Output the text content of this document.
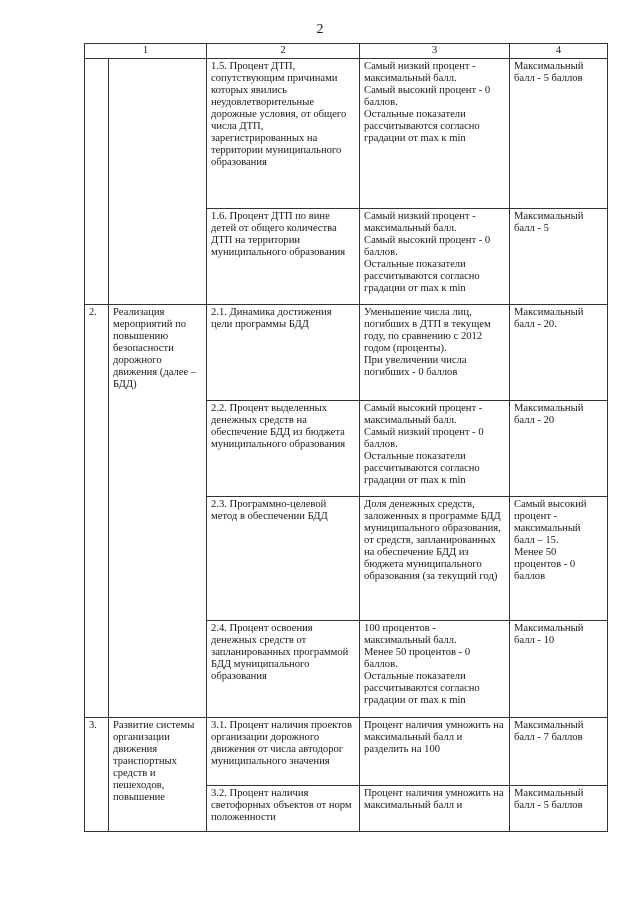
2
1		2	3	4
		1.5. Процент ДТП, сопутствующим причинами которых явились неудовлетворительные дорожные условия, от общего числа ДТП, зарегистрированных на территории муниципального образования	Самый низкий процент - максимальный балл.
Самый высокий процент - 0 баллов.
Остальные показатели рассчитываются согласно градации от max к min	Максимальный балл - 5 баллов
		1.6. Процент ДТП по вине детей от общего количества ДТП на территории муниципального образования	Самый низкий процент - максимальный балл.
Самый высокий процент - 0 баллов.
Остальные показатели рассчитываются согласно градации от max к min	Максимальный балл - 5
2.	Реализация мероприятий по повышению безопасности дорожного движения (далее – БДД)	2.1. Динамика достижения цели программы БДД	Уменьшение числа лиц, погибших в ДТП в текущем году, по сравнению с 2012 годом (проценты).
При увеличении числа погибших - 0 баллов	Максимальный балл - 20.
		2.2. Процент выделенных денежных средств на обеспечение БДД из бюджета муниципального образования	Самый высокий процент - максимальный балл.
Самый низкий процент - 0 баллов.
Остальные показатели рассчитываются согласно градации от max к min	Максимальный балл - 20
		2.3. Программно-целевой метод в обеспечении БДД	Доля денежных средств, заложенных в программе БДД муниципального образования, от средств, запланированных на обеспечение БДД из бюджета муниципального образования (за текущий год)	Самый высокий процент - максимальный балл – 15.
Менее 50 процентов - 0 баллов
		2.4. Процент освоения денежных средств от запланированных программой БДД муниципального образования	100 процентов - максимальный балл.
Менее 50 процентов - 0 баллов.
Остальные показатели рассчитываются согласно градации от max к min	Максимальный балл - 10
3.	Развитие системы организации движения транспортных средств и пешеходов, повышение	3.1. Процент наличия проектов организации дорожного движения от числа автодорог муниципального значения	Процент наличия умножить на максимальный балл и разделить на 100	Максимальный балл - 7 баллов
		3.2. Процент наличия светофорных объектов от норм положенности	Процент наличия умножить на максимальный балл и	Максимальный балл - 5 баллов
